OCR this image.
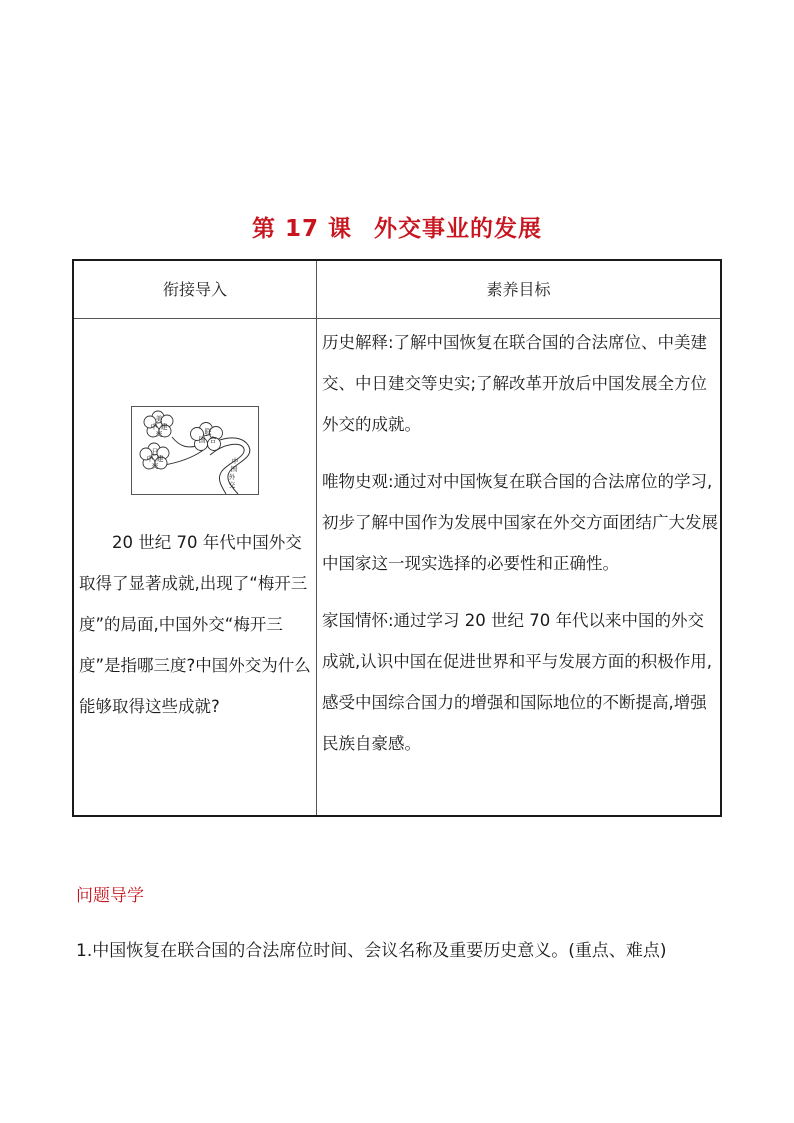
第 17 课 外交事业的发展
衔接导入	素养目标
美
中 建
交	联
国 合
日
中 建
交
中
国
外
交

20 世纪 70 年代中国外交取得了显著成就,出现了“梅开三度”的局面,中国外交“梅开三度”是指哪三度?中国外交为什么能够取得这些成就?

历史解释:了解中国恢复在联合国的合法席位、中美建交、中日建交等史实;了解改革开放后中国发展全方位外交的成就。

唯物史观:通过对中国恢复在联合国的合法席位的学习,初步了解中国作为发展中国家在外交方面团结广大发展中国家这一现实选择的必要性和正确性。

家国情怀:通过学习 20 世纪 70 年代以来中国的外交成就,认识中国在促进世界和平与发展方面的积极作用,感受中国综合国力的增强和国际地位的不断提高,增强民族自豪感。

问题导学

1.中国恢复在联合国的合法席位时间、会议名称及重要历史意义。(重点、难点)
